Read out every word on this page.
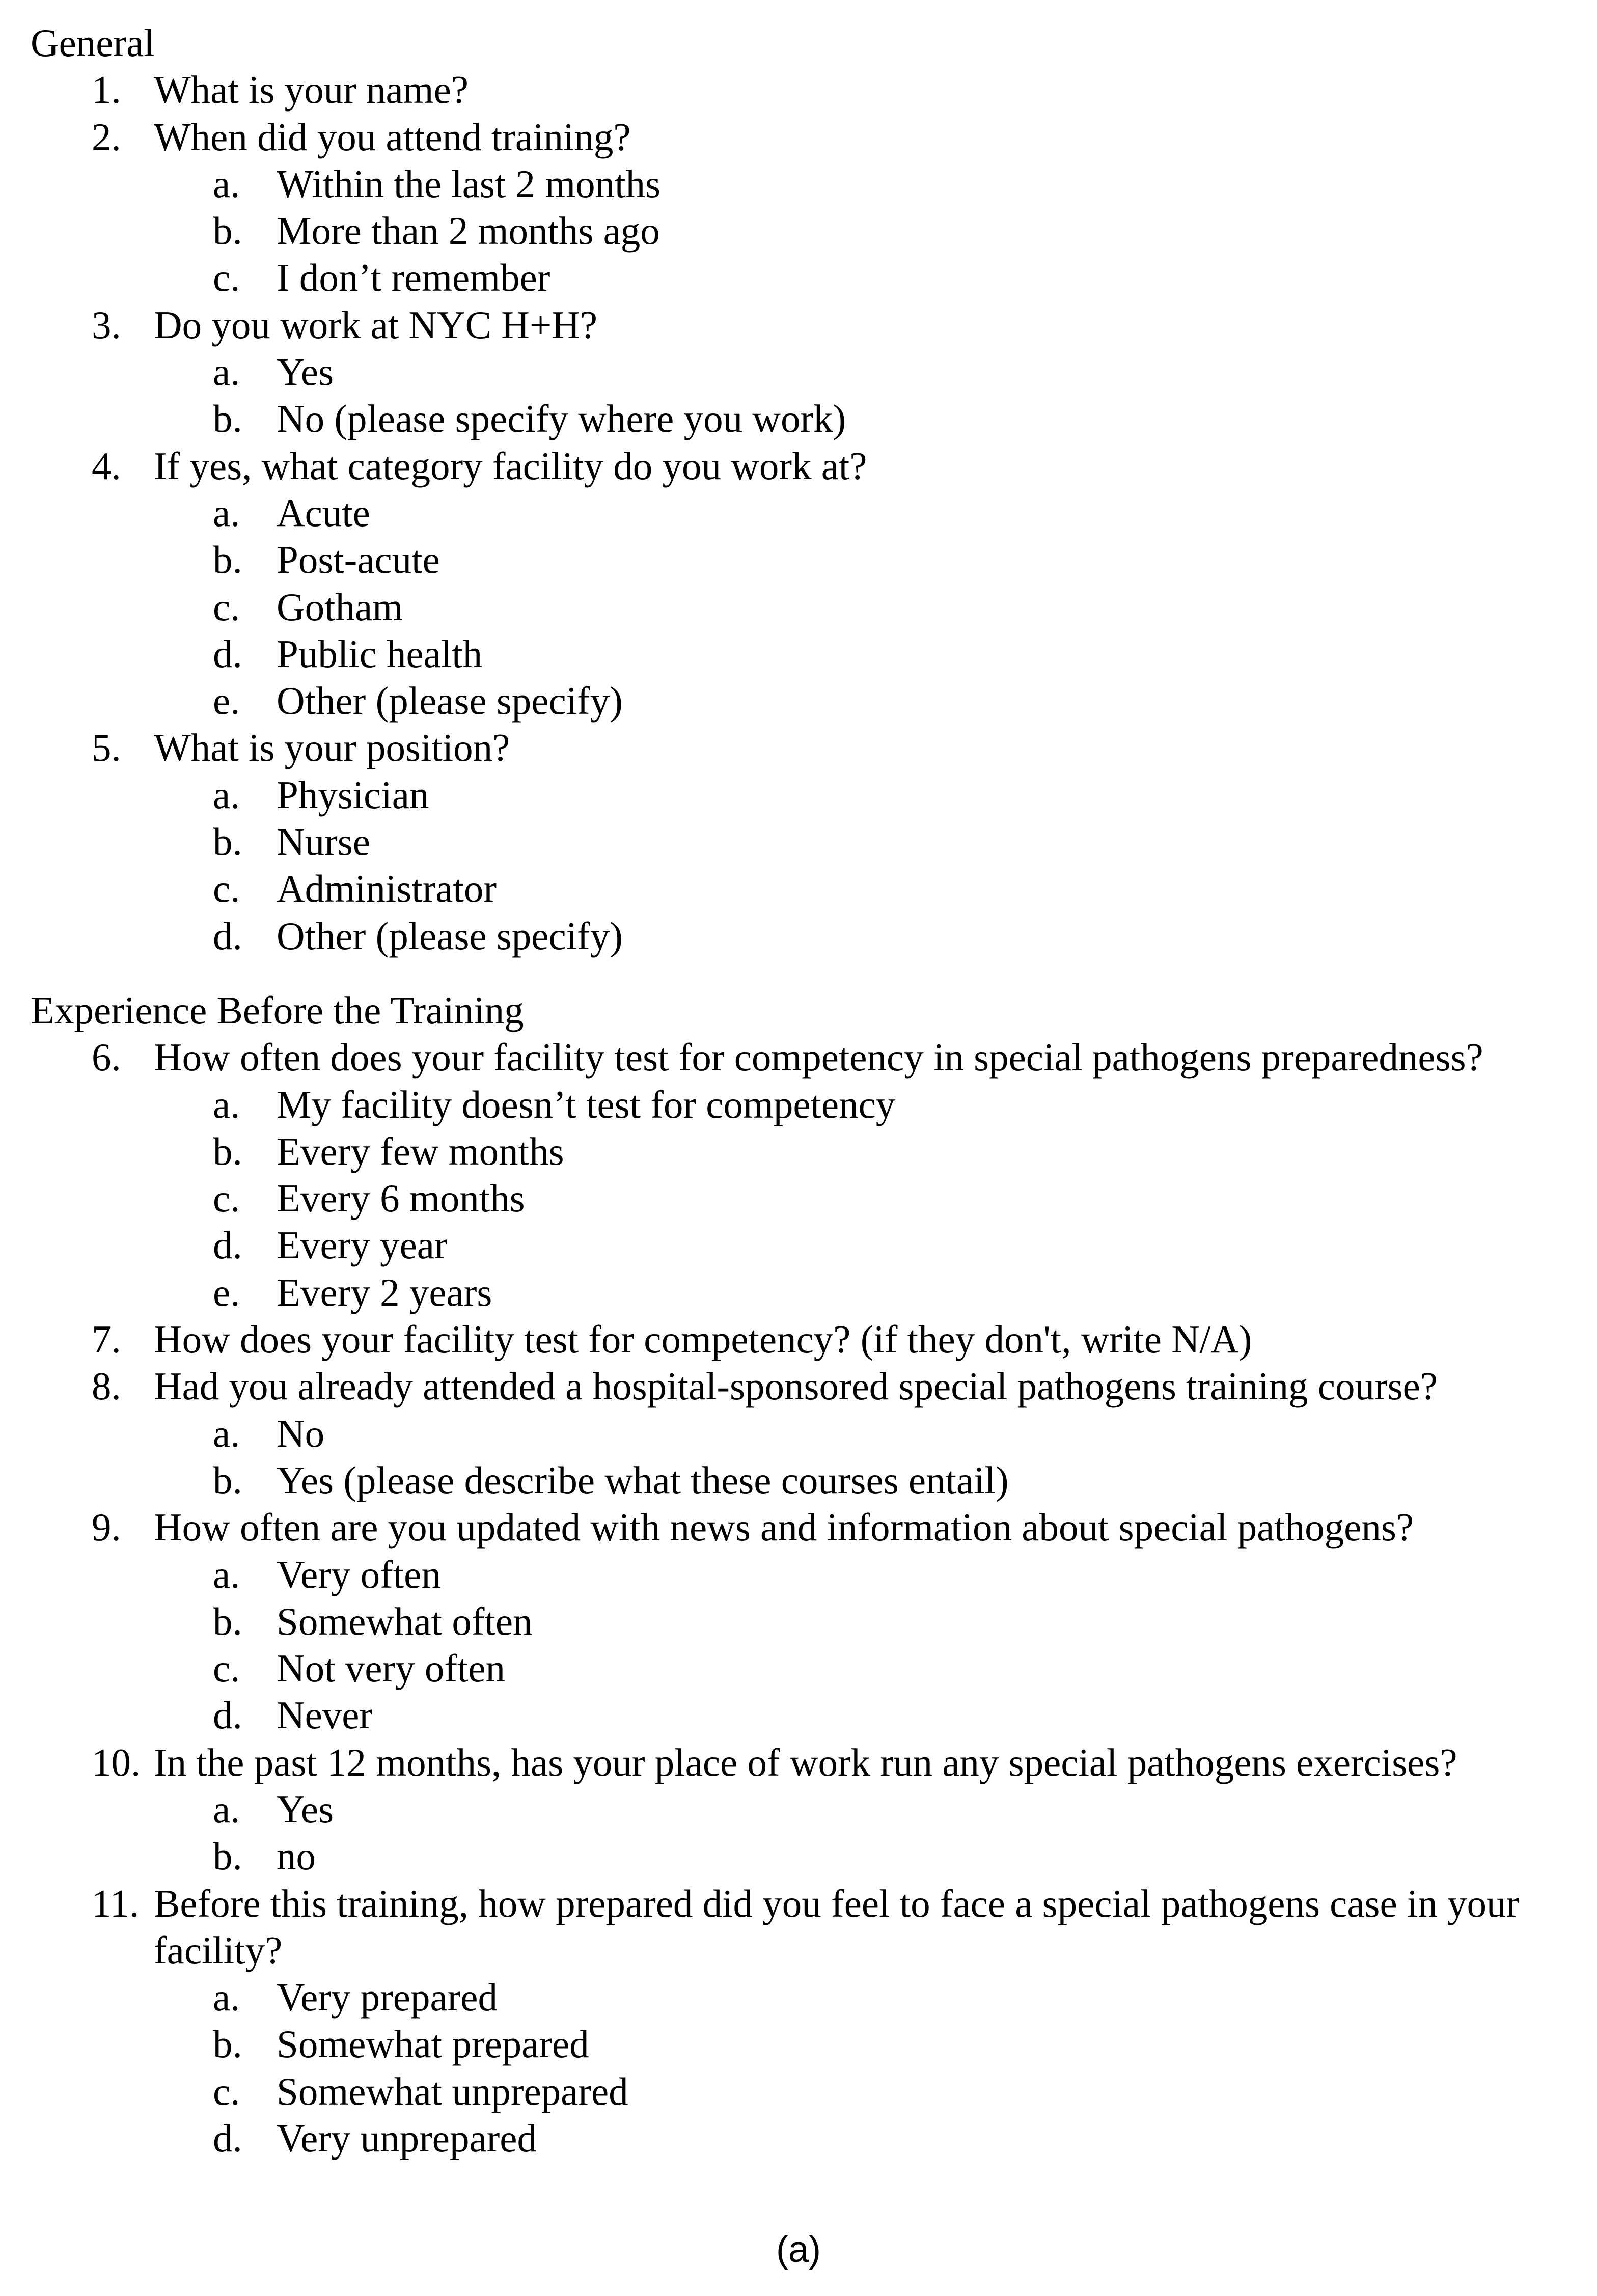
General
1. What is your name?
2. When did you attend training?
a. Within the last 2 months
b. More than 2 months ago
c. I don’t remember
3. Do you work at NYC H+H?
a. Yes
b. No (please specify where you work)
4. If yes, what category facility do you work at?
a. Acute
b. Post-acute
c. Gotham
d. Public health
e. Other (please specify)
5. What is your position?
a. Physician
b. Nurse
c. Administrator
d. Other (please specify)
Experience Before the Training
6. How often does your facility test for competency in special pathogens preparedness?
a. My facility doesn’t test for competency
b. Every few months
c. Every 6 months
d. Every year
e. Every 2 years
7. How does your facility test for competency? (if they don't, write N/A)
8. Had you already attended a hospital-sponsored special pathogens training course?
a. No
b. Yes (please describe what these courses entail)
9. How often are you updated with news and information about special pathogens?
a. Very often
b. Somewhat often
c. Not very often
d. Never
10. In the past 12 months, has your place of work run any special pathogens exercises?
a. Yes
b. no
11. Before this training, how prepared did you feel to face a special pathogens case in your facility?
a. Very prepared
b. Somewhat prepared
c. Somewhat unprepared
d. Very unprepared
(a)
